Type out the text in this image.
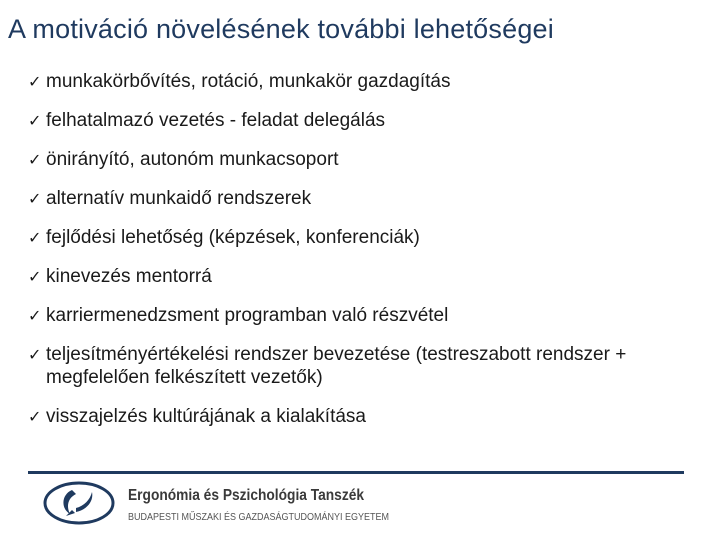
A motiváció növelésének további lehetőségei
✓ munkakörbővítés, rotáció, munkakör gazdagítás
✓ felhatalmazó vezetés - feladat delegálás
✓ önirányító, autonóm munkacsoport
✓ alternatív munkaidő rendszerek
✓ fejlődési lehetőség (képzések, konferenciák)
✓ kinevezés mentorrá
✓ karriermenedzsment programban való részvétel
✓ teljesítményértékelési rendszer bevezetése (testreszabott rendszer + megfelelően felkészített vezetők)
✓ visszajelzés kultúrájának a kialakítása
Ergonómia és Pszichológia Tanszék
BUDAPESTI MŰSZAKI ÉS GAZDASÁGTUDOMÁNYI EGYETEM
